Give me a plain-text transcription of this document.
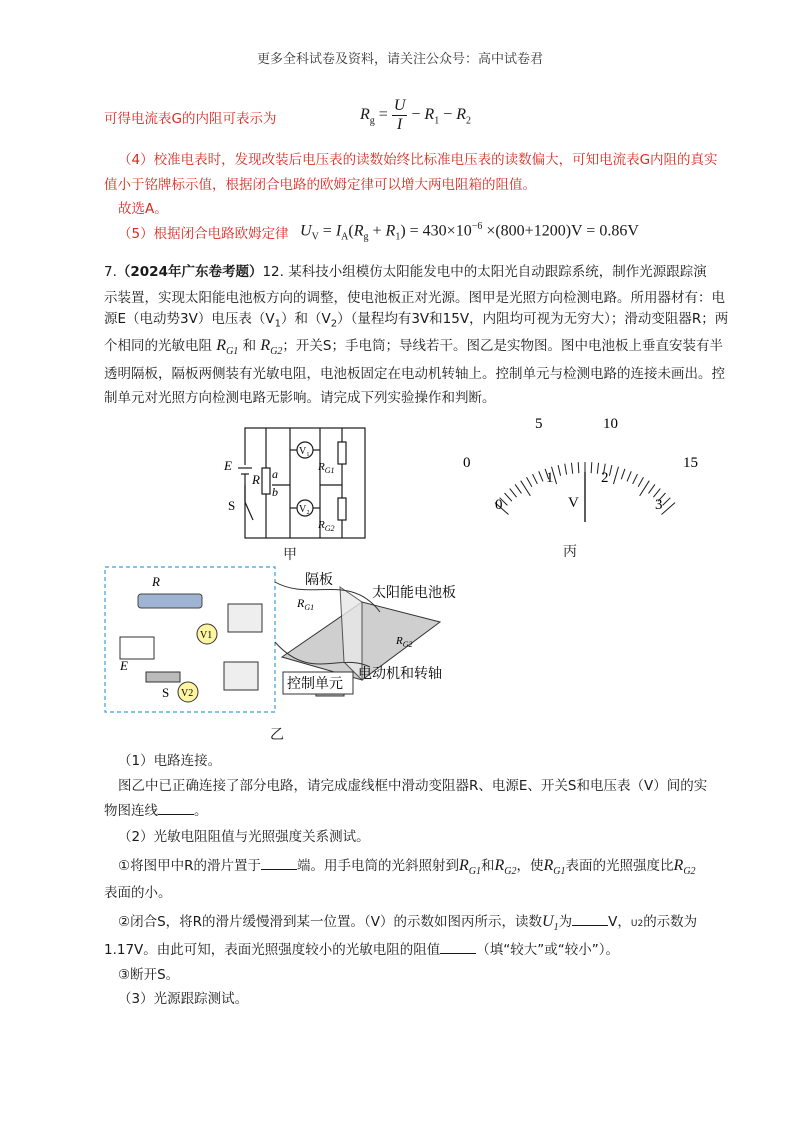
更多全科试卷及资料，请关注公众号：高中试卷君
可得电流表G的内阻可表示为	$R_g = \frac{U}{I} - R_1 - R_2$
（4）校准电表时，发现改装后电压表的读数始终比标准电压表的读数偏大，可知电流表G内阻的真实
值小于铭牌标示值，根据闭合电路的欧姆定律可以增大两电阻箱的阻值。
故选A。
（5）根据闭合电路欧姆定律 $U_V = I_A(R_g + R_1) = 430\times 10^{-6} \times(800+1200)V = 0.86V$
7.（2024年广东卷考题）12. 某科技小组模仿太阳能发电中的太阳光自动跟踪系统，制作光源跟踪演
示装置，实现太阳能电池板方向的调整，使电池板正对光源。图甲是光照方向检测电路。所用器材有：电
源E（电动势3V）电压表$(V_1)$和$(V_2)$（量程均有3V和15V，内阻均可视为无穷大）；滑动变阻器R；两
个相同的光敏电阻 $R_{G1}$ 和 $R_{G2}$；开关S；手电筒；导线若干。图乙是实物图。图中电池板上垂直安装有半
透明隔板，隔板两侧装有光敏电阻，电池板固定在电动机转轴上。控制单元与检测电路的连接未画出。控
制单元对光照方向检测电路无影响。请完成下列实验操作和判断。
E
R a
b
S
V₁
V₂
$R_{G1}$
$R_{G2}$
甲
0
5	10
15
0
1	2
3
V
丙
R
E
S
V1
V2
$R_{G1}$
$R_{G2}$
隔板
太阳能电池板
电动机和转轴
控制单元
乙
（1）电路连接。
图乙中已正确连接了部分电路，请完成虚线框中滑动变阻器R、电源E、开关S和电压表（V）间的实
物图连线	。
（2）光敏电阻阻值与光照强度关系测试。
①将图甲中R的滑片置于	端。用手电筒的光斜照射到$R_{G1}$和$R_{G2}$，使$R_{G1}$表面的光照强度比$R_{G2}$
表面的小。
②闭合S，将R的滑片缓慢滑到某一位置。（V）的示数如图丙所示，读数$U_1$为	V，U2的示数为
1.17V。由此可知，表面光照强度较小的光敏电阻的阻值	（填“较大”或“较小”）。
③断开S。
（3）光源跟踪测试。
